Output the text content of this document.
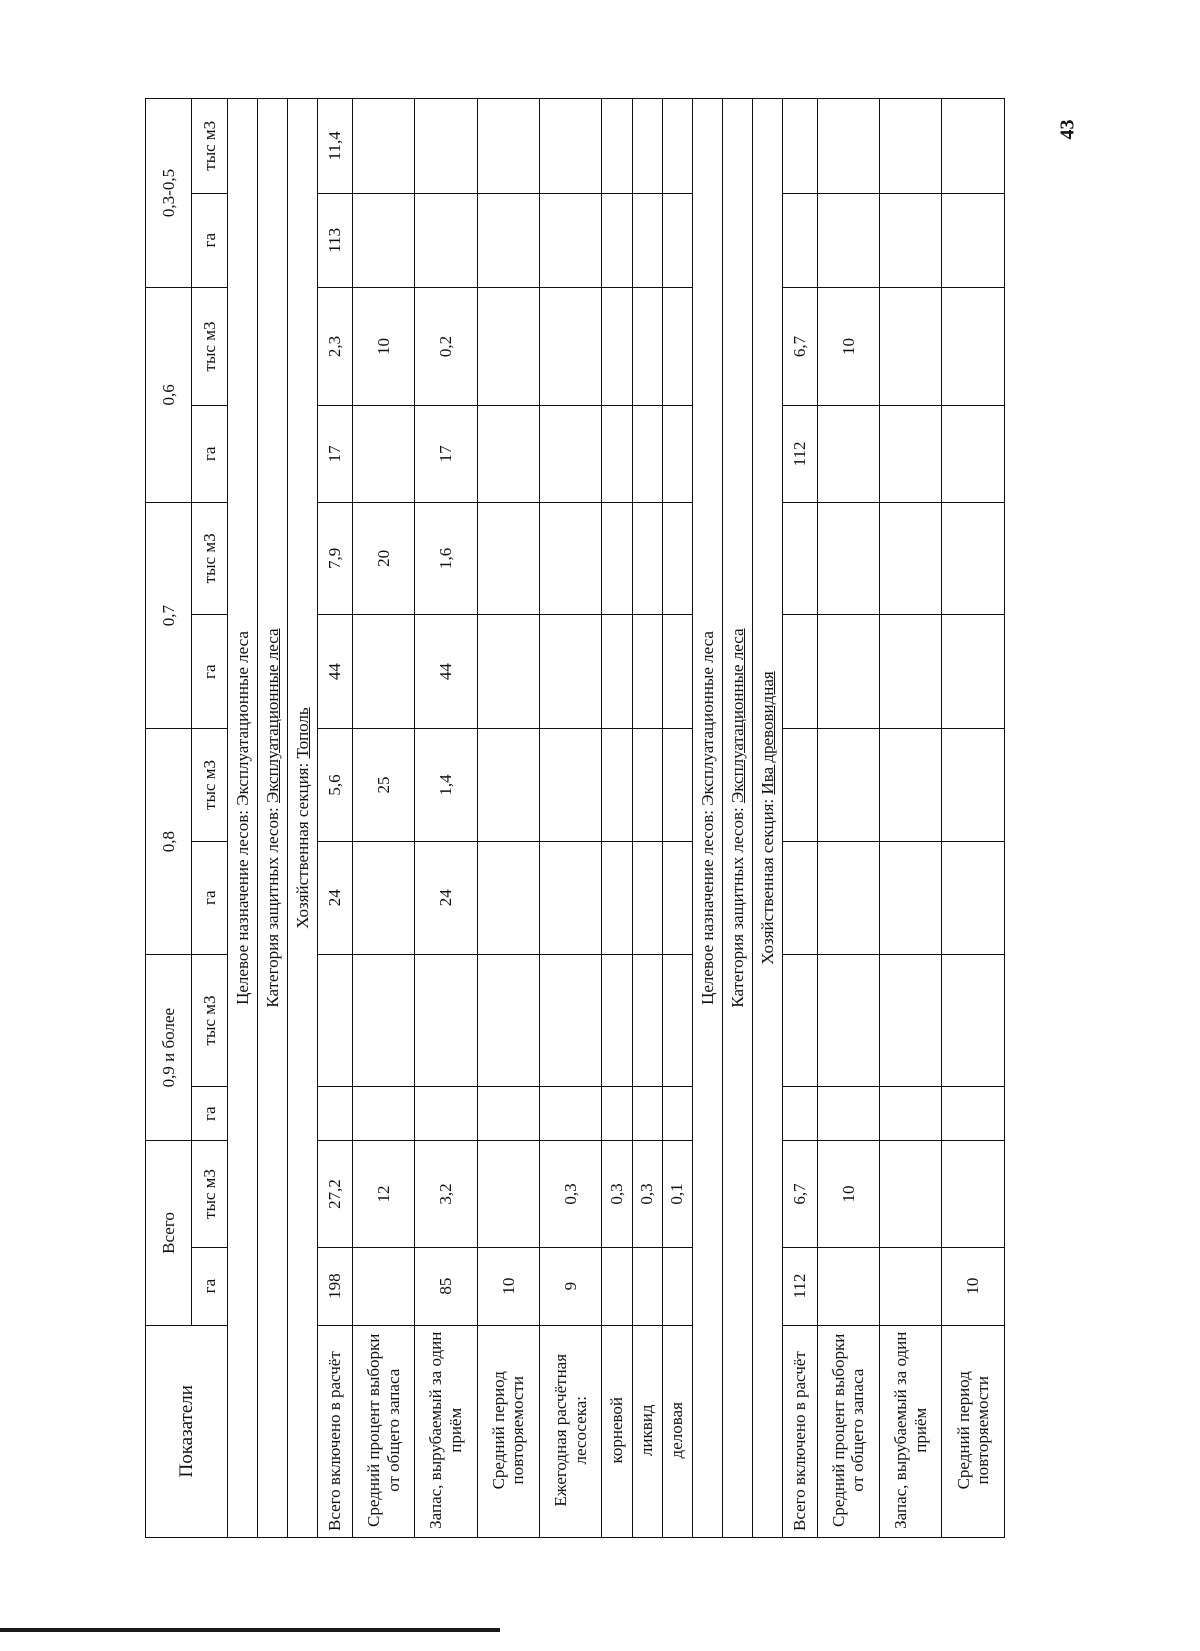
43
Показатели	Всего		0,9 и более		0,8		0,7		0,6		0,3-0,5	
	га	тыс м3	га	тыс м3	га	тыс м3	га	тыс м3	га	тыс м3	га	тыс м3
Целевое назначение лесов: Эксплуатационные леса												
Категория защитных лесов: Эксплуатационные леса												
Хозяйственная секция: Тополь												
Всего включено в расчёт	198	27,2			24	5,6	44	7,9	17	2,3	113	11,4
Средний процент выборки от общего запаса		12				25		20		10		
Запас, вырубаемый за один приём	85	3,2			24	1,4	44	1,6	17	0,2		
Средний период повторяемости	10											
Ежегодная расчётная лесосека:	9	0,3										
корневой		0,3										
ликвид		0,3										
деловая		0,1										
Целевое назначение лесов: Эксплуатационные леса												
Категория защитных лесов: Эксплуатационные леса												
Хозяйственная секция: Ива древовидная												
Всего включено в расчёт	112	6,7							112	6,7		
Средний процент выборки от общего запаса		10								10		
Запас, вырубаемый за один приём												
Средний период повторяемости	10											
